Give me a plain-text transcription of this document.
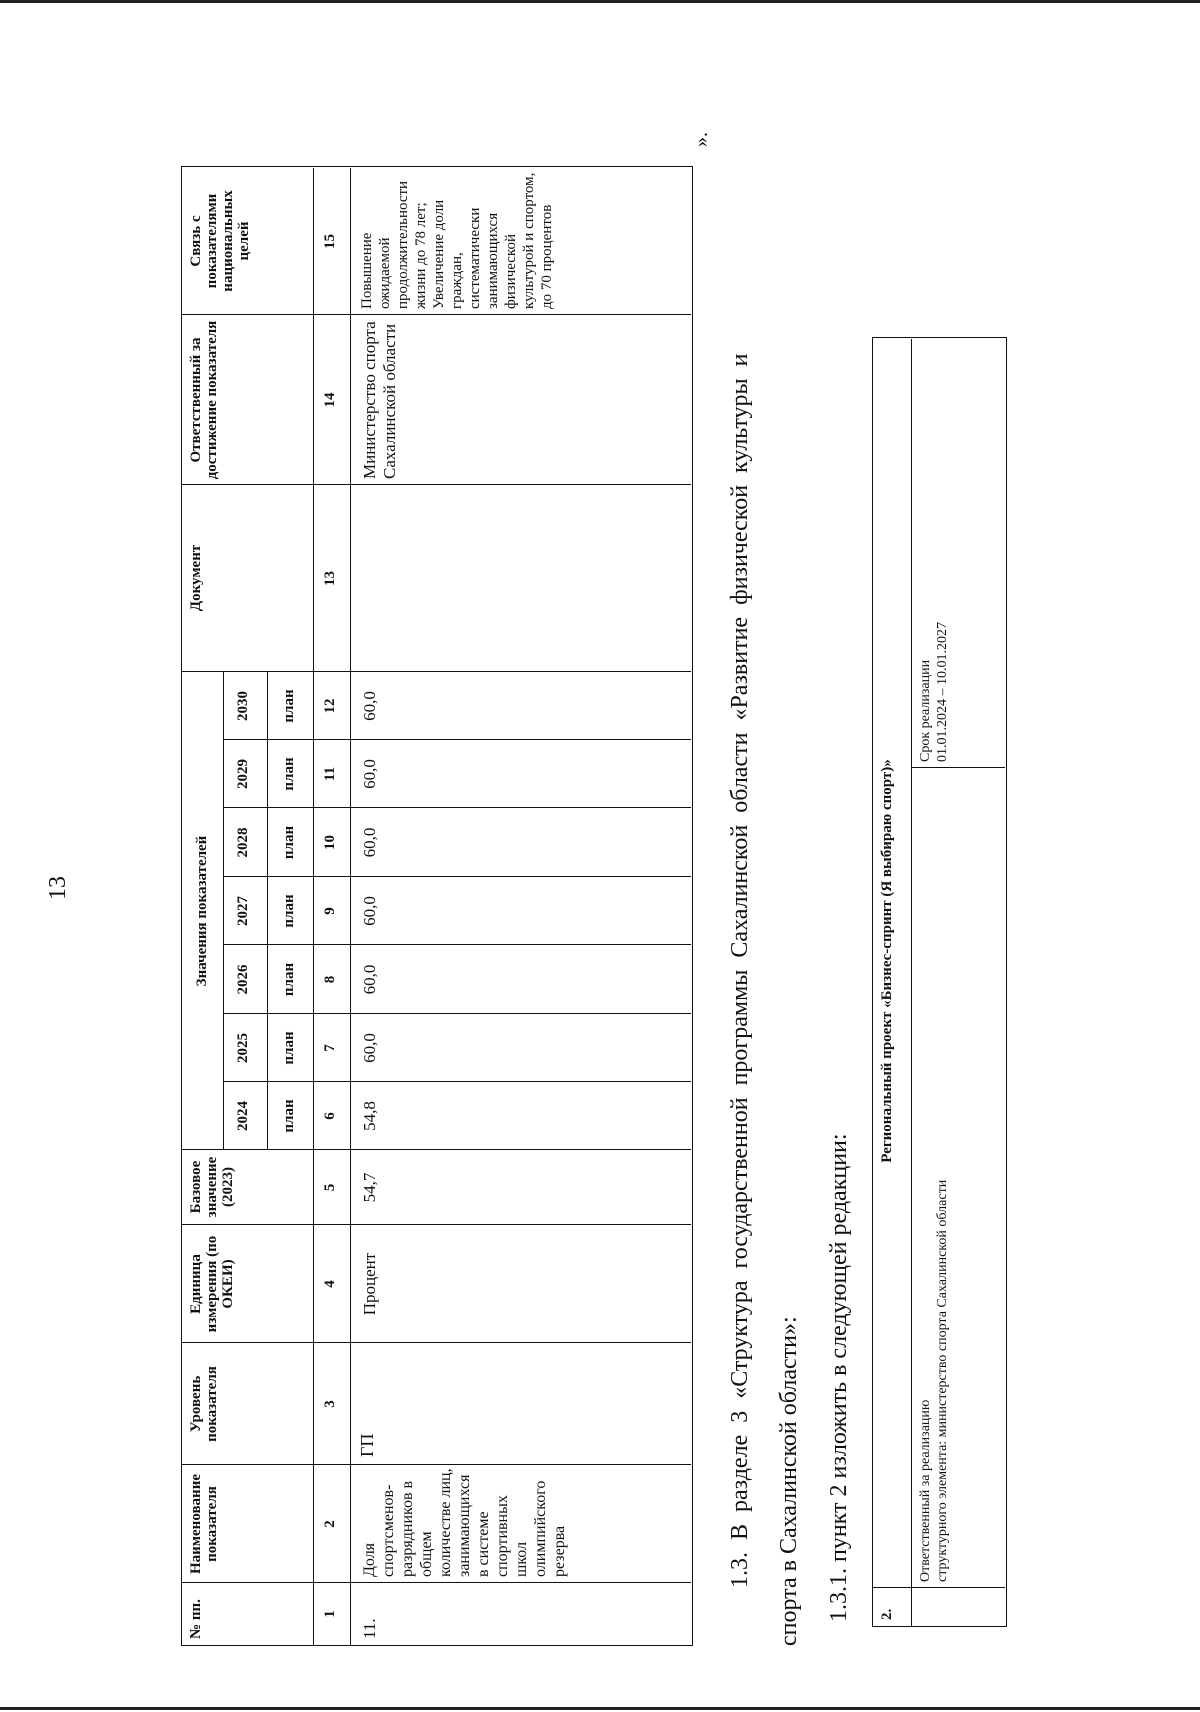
13
№ пп.
Наименование показателя
Уровень показателя
Единица измерения (по ОКЕИ)
Базовое значение (2023)
Значения показателей
Документ
Ответственный за достижение показателя
Связь с показателями национальных целей
2024
2025
2026
2027
2028
2029
2030
план
план
план
план
план
план
план
1
2
3
4
5
6
7
8
9
10
11
12
13
14
15
11.
Доля спортсменов-разрядников в общем количестве лиц, занимающихся в системе спортивных школ олимпийского резерва
ГП
Процент
54,7
54,8
60,0
60,0
60,0
60,0
60,0
60,0
Министерство спорта Сахалинской области
Повышение ожидаемой продолжительности жизни до 78 лет; Увеличение доли граждан, систематически занимающихся физической культурой и спортом, до 70 процентов
».
1.3. В разделе 3 «Структура государственной программы Сахалинской области «Развитие физической культуры и спорта в Сахалинской области»: 1.3.1. пункт 2 изложить в следующей редакции: 2.
Региональный проект «Бизнес-спринт (Я выбираю спорт)»
Ответственный за реализацию структурного элемента: министерство спорта Сахалинской области
Срок реализации 01.01.2024 – 10.01.2027
